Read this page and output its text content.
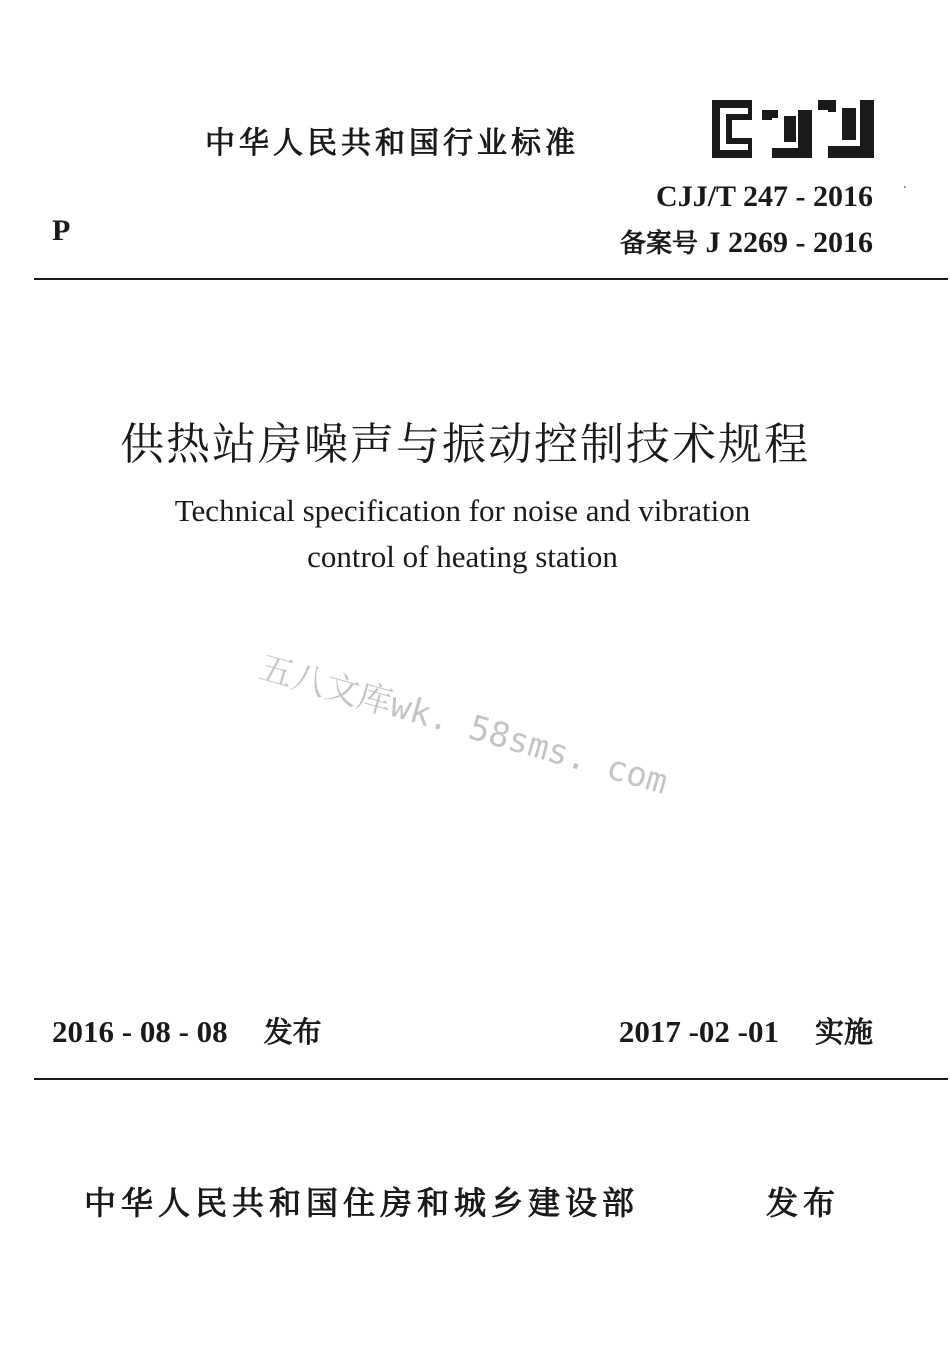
中华人民共和国行业标准
P
CJJ/T 247 - 2016
备案号 J 2269 - 2016
供热站房噪声与振动控制技术规程
Technical specification for noise and vibration
control of heating station
五八文库wk. 58sms. com
2016 - 08 - 08 发布	2017 -02 -01 实施
中华人民共和国住房和城乡建设部	发布
